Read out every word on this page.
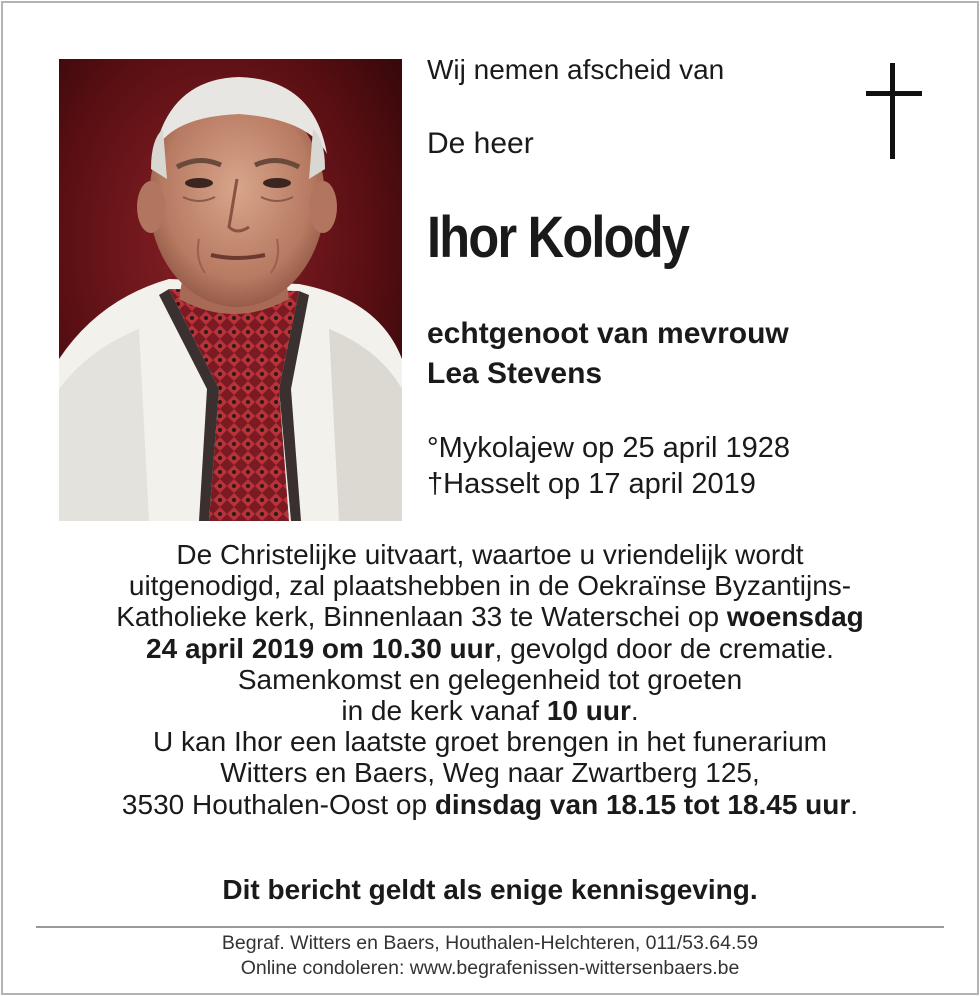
Wij nemen afscheid van

De heer

Ihor Kolody

echtgenoot van mevrouw
Lea Stevens
°Mykolajew op 25 april 1928
†Hasselt op 17 april 2019

De Christelijke uitvaart, waartoe u vriendelijk wordt

uitgenodigd, zal plaatshebben in de Oekraïnse Byzantijns-

Katholieke kerk, Binnenlaan 33 te Waterschei op woensdag

24 april 2019 om 10.30 uur, gevolgd door de crematie.

Samenkomst en gelegenheid tot groeten

in de kerk vanaf 10 uur.

U kan Ihor een laatste groet brengen in het funerarium

Witters en Baers, Weg naar Zwartberg 125,

3530 Houthalen-Oost op dinsdag van 18.15 tot 18.45 uur.

Dit bericht geldt als enige kennisgeving.
Begraf. Witters en Baers, Houthalen-Helchteren, 011/53.64.59
Online condoleren: www.begrafenissen-wittersenbaers.be
